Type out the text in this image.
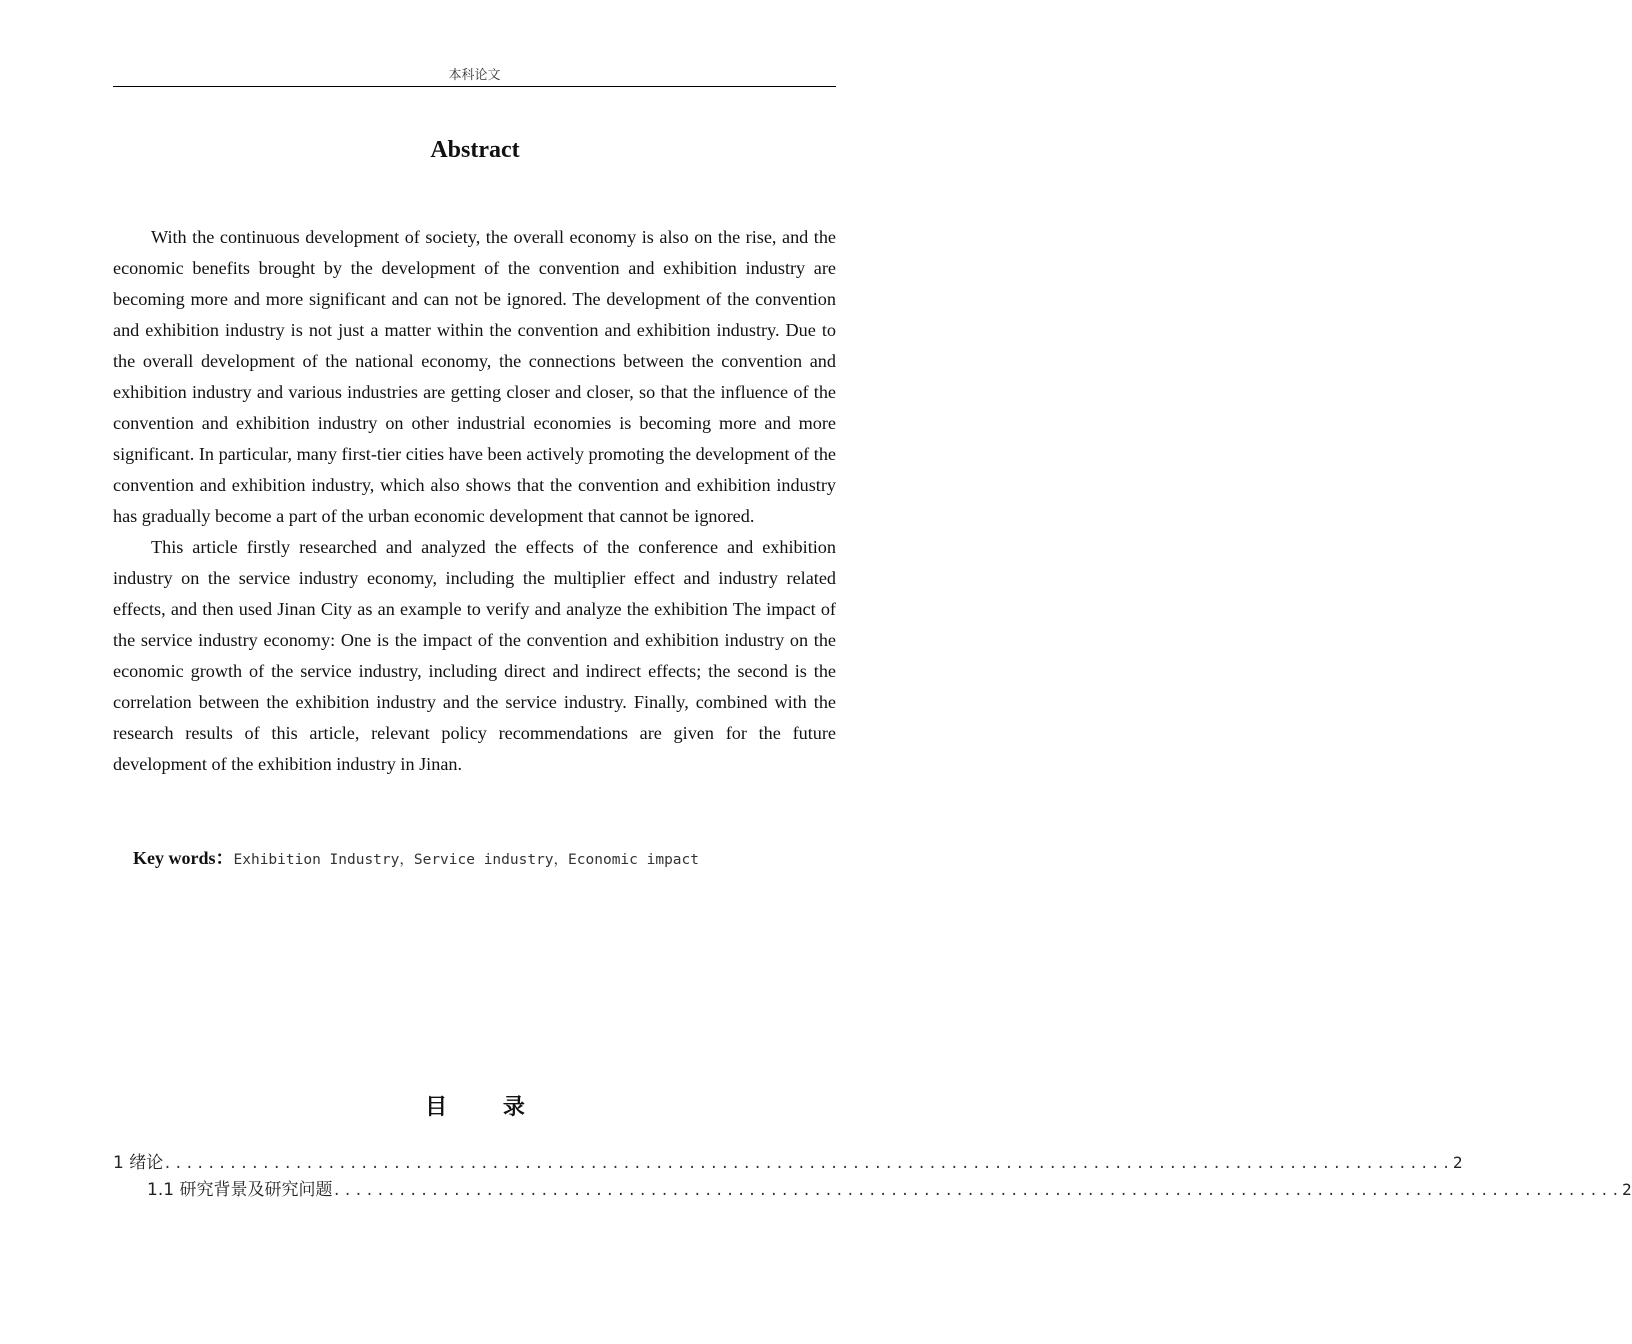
本科论文
Abstract

With the continuous development of society, the overall economy is also on the rise, and the economic benefits brought by the development of the convention and exhibition industry are becoming more and more significant and can not be ignored. The development of the convention and exhibition industry is not just a matter within the convention and exhibition industry. Due to the overall development of the national economy, the connections between the convention and exhibition industry and various industries are getting closer and closer, so that the influence of the convention and exhibition industry on other industrial economies is becoming more and more significant. In particular, many first-tier cities have been actively promoting the development of the convention and exhibition industry, which also shows that the convention and exhibition industry has gradually become a part of the urban economic development that cannot be ignored.

This article firstly researched and analyzed the effects of the conference and exhibition industry on the service industry economy, including the multiplier effect and industry related effects, and then used Jinan City as an example to verify and analyze the exhibition The impact of the service industry economy: One is the impact of the convention and exhibition industry on the economic growth of the service industry, including direct and indirect effects; the second is the correlation between the exhibition industry and the service industry. Finally, combined with the research results of this article, relevant policy recommendations are given for the future development of the exhibition industry in Jinan.

Key words：Exhibition Industry，Service industry，Economic impact
目 录
1 绪论 ...................................................................................................................... 2
1.1 研究背景及研究问题 ...................................................................................................................... 2
